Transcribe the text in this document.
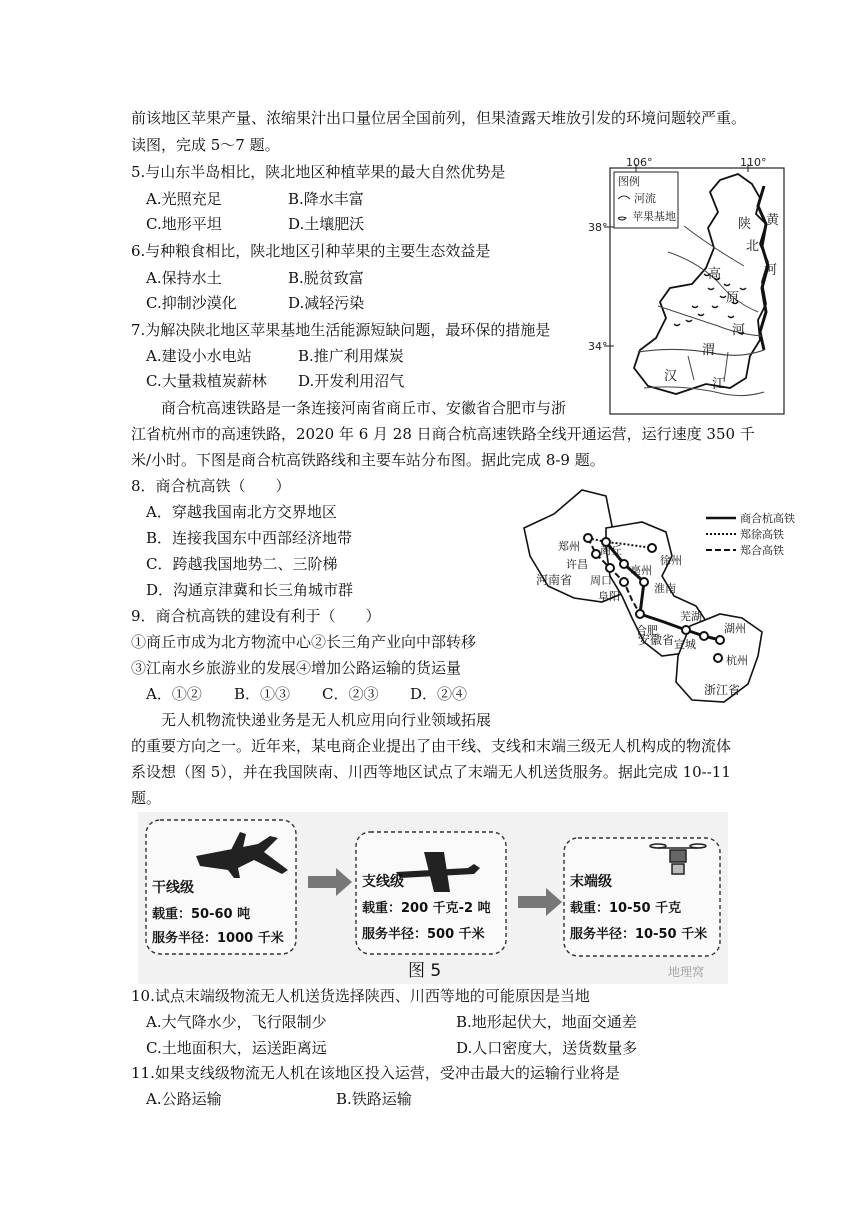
前该地区苹果产量、浓缩果汁出口量位居全国前列，但果渣露天堆放引发的环境问题较严重。
读图，完成 5～7 题。
5.与山东半岛相比，陕北地区种植苹果的最大自然优势是
A.光照充足	B.降水丰富
C.地形平坦	D.土壤肥沃
6.与种粮食相比，陕北地区引种苹果的主要生态效益是
A.保持水土	B.脱贫致富
C.抑制沙漠化	D.减轻污染
7.为解决陕北地区苹果基地生活能源短缺问题，最环保的措施是
A.建设小水电站	B.推广利用煤炭
C.大量栽植炭薪林 D.开发利用沼气
106°	110°
38°
34°
图例
河流
苹果基地
陕
北
高
原
黄
河
河
渭
汉
江
商合杭高速铁路是一条连接河南省商丘市、安徽省合肥市与浙
江省杭州市的高速铁路，2020 年 6 月 28 日商合杭高速铁路全线开通运营，运行速度 350 千
米/小时。下图是商合杭高铁路线和主要车站分布图。据此完成 8-9 题。
8．商合杭高铁（　　）
A．穿越我国南北方交界地区
B．连接我国东中西部经济地带
C．跨越我国地势二、三阶梯
D．沟通京津冀和长三角城市群
9．商合杭高铁的建设有利于（　　）
①商丘市成为北方物流中心②长三角产业向中部转移
③江南水乡旅游业的发展④增加公路运输的货运量
A．①② B．①③ C．②③ D．②④
商合杭高铁
郑徐高铁
郑合高铁
郑州 商丘
徐州
许昌	亳州
周口
阜阳
淮南
合肥
芜湖
宣城
湖州
杭州
河南省
安徽省
浙江省
无人机物流快递业务是无人机应用向行业领域拓展
的重要方向之一。近年来，某电商企业提出了由干线、支线和末端三级无人机构成的物流体
系设想（图 5），并在我国陕南、川西等地区试点了末端无人机送货服务。据此完成 10--11
题。
干线级
载重：50-60 吨
服务半径：1000 千米
支线级
载重：200 千克-2 吨
服务半径：500 千米
末端级
载重：10-50 千克
服务半径：10-50 千米
图 5	地理窝
10.试点末端级物流无人机送货选择陕西、川西等地的可能原因是当地
A.大气降水少，飞行限制少	B.地形起伏大，地面交通差
C.土地面积大，运送距离远	D.人口密度大，送货数量多
11.如果支线级物流无人机在该地区投入运营，受冲击最大的运输行业将是
A.公路运输	B.铁路运输
